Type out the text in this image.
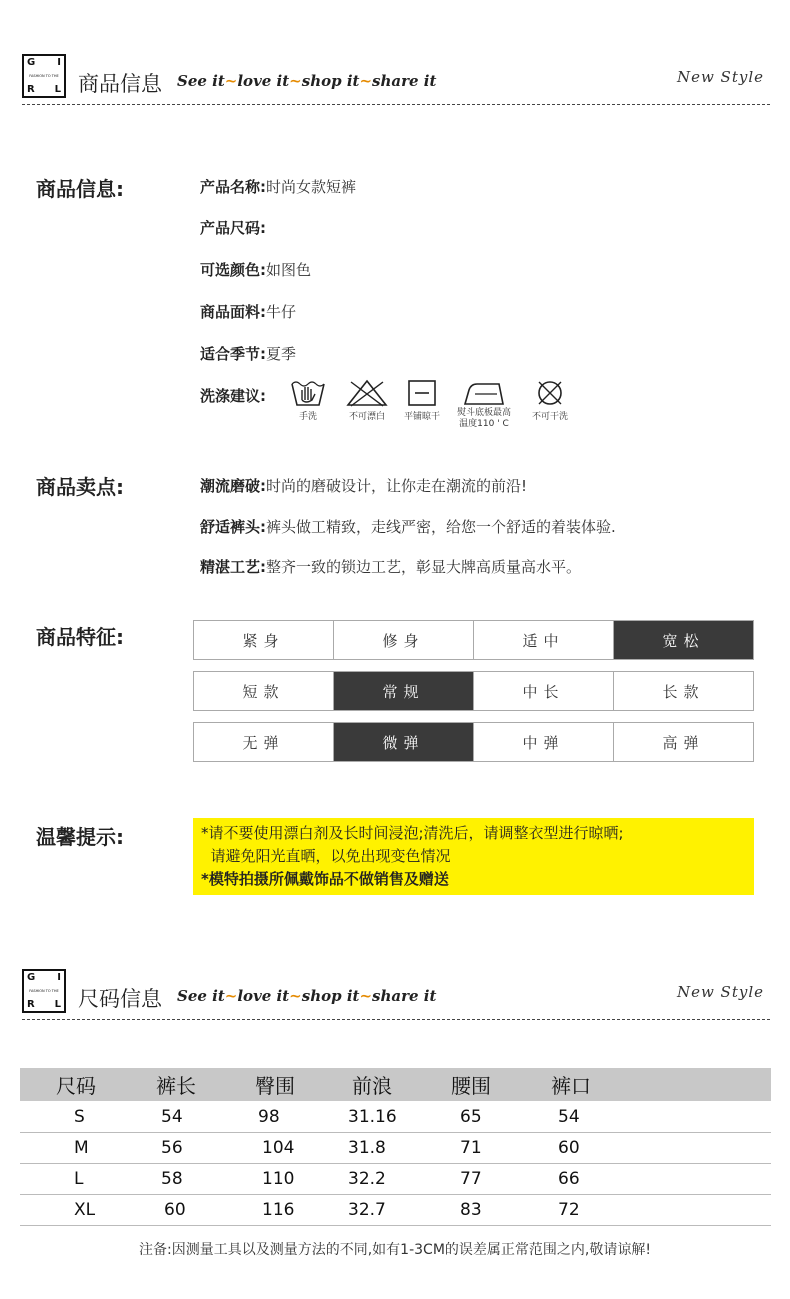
G I
FASHION TO THE
R L 商品信息 See it~love it~shop it~share it	New Style
商品信息:	产品名称:时尚女款短裤
产品尺码:
可选颜色:如图色
商品面料:牛仔
适合季节:夏季
洗涤建议:
手洗	不可漂白	平铺晾干	熨斗底板最高
温度110 ' C
不可干洗
商品卖点:	潮流磨破:时尚的磨破设计，让你走在潮流的前沿!
舒适裤头:裤头做工精致，走线严密，给您一个舒适的着装体验.
精湛工艺:整齐一致的锁边工艺，彰显大牌高质量高水平。
商品特征:	紧身	修身	适中	宽松
短款	常规	中长	长款
无弹	微弹	中弹	高弹
温馨提示:	*请不要使用漂白剂及长时间浸泡;清洗后，请调整衣型进行晾晒;
请避免阳光直晒，以免出现变色情况
*模特拍摄所佩戴饰品不做销售及赠送
G I
FASHION TO THE
R L 尺码信息 See it~love it~shop it~share it	New Style
尺码	裤长	臀围	前浪	腰围	裤口
S	54	98	31.16	65	54
M	56	104	31.8	71	60
L	58	110	32.2	77	66
XL	60	116	32.7	83	72
注备:因测量工具以及测量方法的不同,如有1-3CM的误差属正常范围之内,敬请谅解!
